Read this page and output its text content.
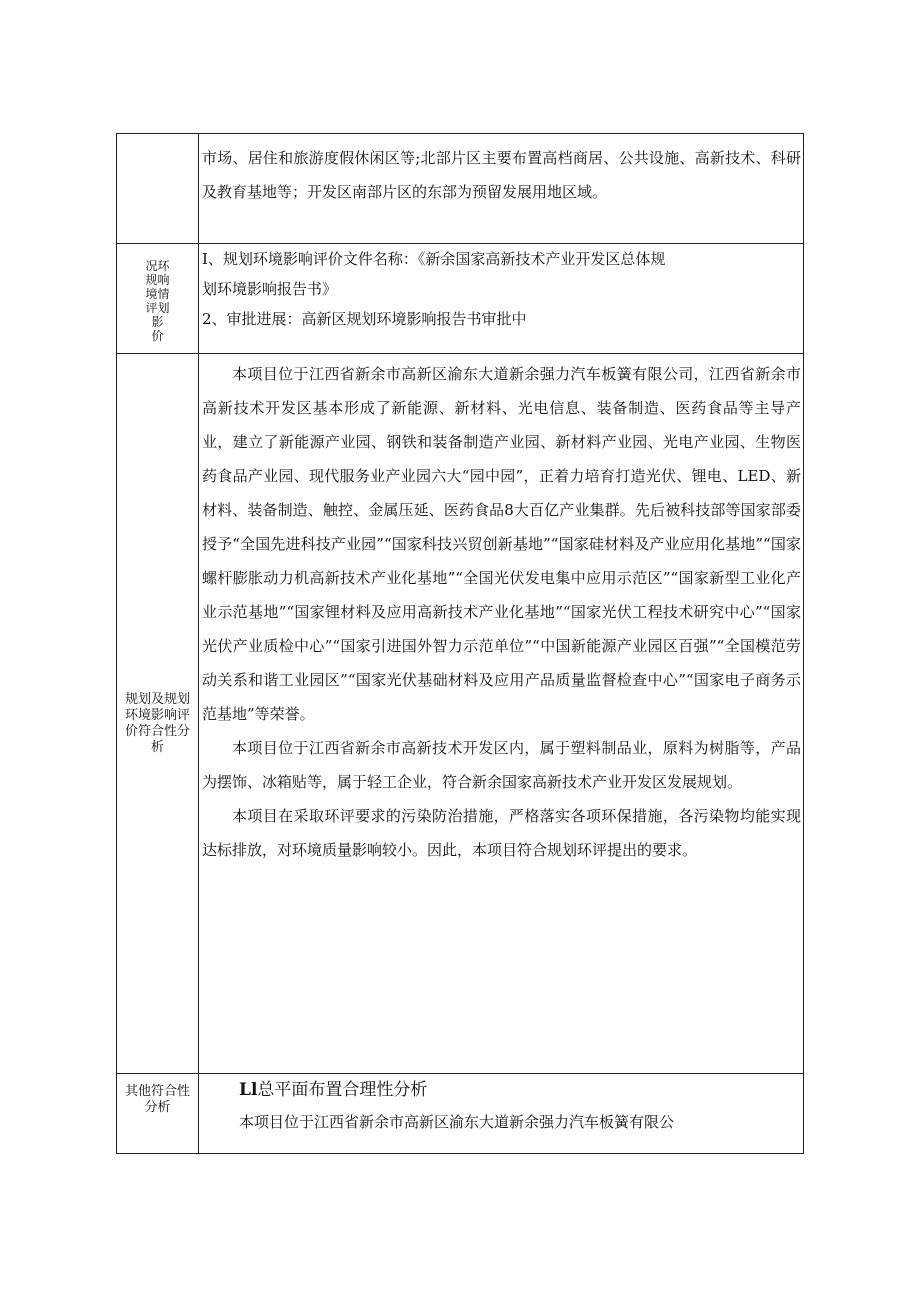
市场、居住和旅游度假休闲区等;北部片区主要布置高档商居、公共设施、高新技术、科研及教育基地等；开发区南部片区的东部为预留发展用地区域。

况环
规响
境情
评划
影
价

I、规划环境影响评价文件名称：《新余国家高新技术产业开发区总体规

划环境影响报告书》

2、审批进展：高新区规划环境影响报告书审批中

规划及规划环境影响评价符合性分析

本项目位于江西省新余市高新区渝东大道新余强力汽车板簧有限公司，江西省新余市高新技术开发区基本形成了新能源、新材料、光电信息、装备制造、医药食品等主导产业，建立了新能源产业园、钢铁和装备制造产业园、新材料产业园、光电产业园、生物医药食品产业园、现代服务业产业园六大“园中园”，正着力培育打造光伏、锂电、LED、新材料、装备制造、触控、金属压延、医药食品8大百亿产业集群。先后被科技部等国家部委授予“全国先进科技产业园”“国家科技兴贸创新基地”“国家硅材料及产业应用化基地”“国家螺杆膨胀动力机高新技术产业化基地”“全国光伏发电集中应用示范区”“国家新型工业化产业示范基地”“国家锂材料及应用高新技术产业化基地”“国家光伏工程技术研究中心”“国家光伏产业质检中心”“国家引进国外智力示范单位”“中国新能源产业园区百强”“全国模范劳动关系和谐工业园区”“国家光伏基础材料及应用产品质量监督检查中心”“国家电子商务示范基地”等荣誉。

本项目位于江西省新余市高新技术开发区内，属于塑料制品业，原料为树脂等，产品为摆饰、冰箱贴等，属于轻工企业，符合新余国家高新技术产业开发区发展规划。

本项目在采取环评要求的污染防治措施，严格落实各项环保措施，各污染物均能实现达标排放，对环境质量影响较小。因此，本项目符合规划环评提出的要求。

其他符合性分析

Ll总平面布置合理性分析

本项目位于江西省新余市高新区渝东大道新余强力汽车板簧有限公
